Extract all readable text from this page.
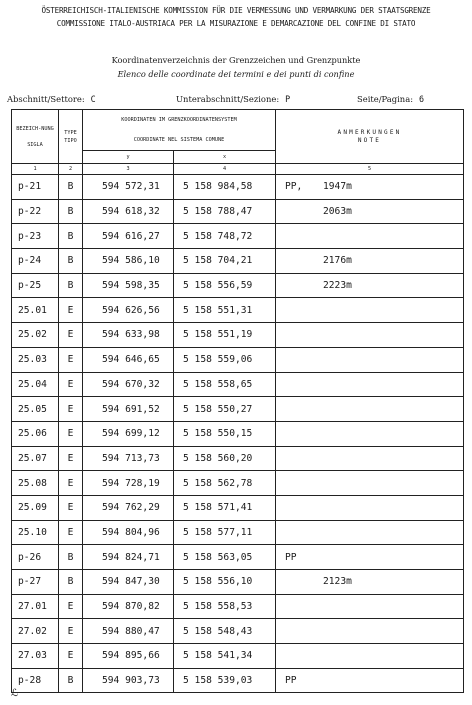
ÖSTERREICHISCH-ITALIENISCHE KOMMISSION FÜR DIE VERMESSUNG UND VERMARKUNG DER STAATSGRENZE
COMMISSIONE ITALO-AUSTRIACA PER LA MISURAZIONE E DEMARCAZIONE DEL CONFINE DI STATO
Koordinatenverzeichnis der Grenzzeichen und Grenzpunkte
Elenco delle coordinate dei termini e dei punti di confine
Abschnitt/Settore: C	Unterabschnitt/Sezione: P	Seite/Pagina: 6
BEZEICH-NUNG

SIGLA	TYPE
TIPO	KOORDINATEN IM GRENZKOORDINATENSYSTEM		ANMERKUNGEN
NOTE
		COORDINATE NEL SISTEMA COMUNE		
		y	x	
1	2	3	4	5
p-21	B	594 572,31	5 158 984,58	PP, 1947m
p-22	B	594 618,32	5 158 788,47	2063m
p-23	B	594 616,27	5 158 748,72	
p-24	B	594 586,10	5 158 704,21	2176m
p-25	B	594 598,35	5 158 556,59	2223m
25.01	E	594 626,56	5 158 551,31	
25.02	E	594 633,98	5 158 551,19	
25.03	E	594 646,65	5 158 559,06	
25.04	E	594 670,32	5 158 558,65	
25.05	E	594 691,52	5 158 550,27	
25.06	E	594 699,12	5 158 550,15	
25.07	E	594 713,73	5 158 560,20	
25.08	E	594 728,19	5 158 562,78	
25.09	E	594 762,29	5 158 571,41	
25.10	E	594 804,96	5 158 577,11	
p-26	B	594 824,71	5 158 563,05	PP
p-27	B	594 847,30	5 158 556,10	2123m
27.01	E	594 870,82	5 158 558,53	
27.02	E	594 880,47	5 158 548,43	
27.03	E	594 895,66	5 158 541,34	
p-28	B	594 903,73	5 158 539,03	PP
ℒ
